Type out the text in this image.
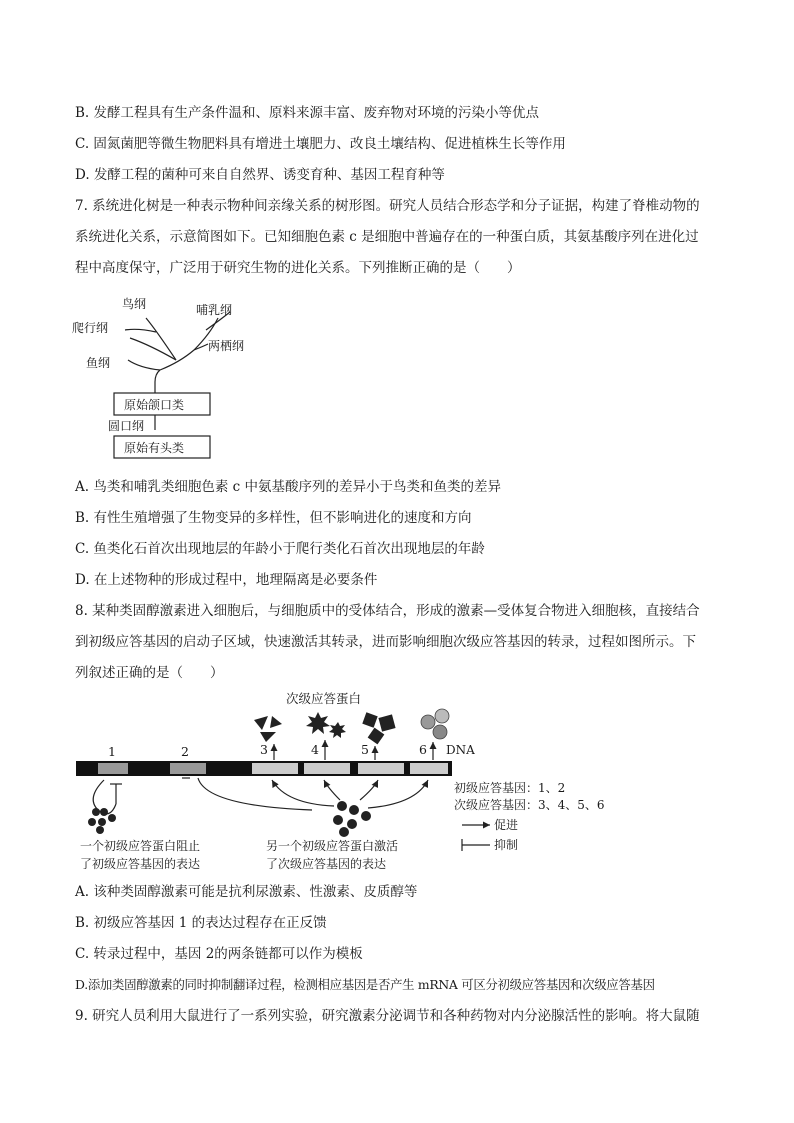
B. 发酵工程具有生产条件温和、原料来源丰富、废弃物对环境的污染小等优点
C. 固氮菌肥等微生物肥料具有增进土壤肥力、改良土壤结构、促进植株生长等作用
D. 发酵工程的菌种可来自自然界、诱变育种、基因工程育种等
7. 系统进化树是一种表示物种间亲缘关系的树形图。研究人员结合形态学和分子证据，构建了脊椎动物的
系统进化关系，示意简图如下。已知细胞色素 c 是细胞中普遍存在的一种蛋白质，其氨基酸序列在进化过
程中高度保守，广泛用于研究生物的进化关系。下列推断正确的是（　　）
鸟纲	哺乳纲
爬行纲
两栖纲
鱼纲
原始颌口类
圆口纲
原始有头类
A. 鸟类和哺乳类细胞色素 c 中氨基酸序列的差异小于鸟类和鱼类的差异
B. 有性生殖增强了生物变异的多样性，但不影响进化的速度和方向
C. 鱼类化石首次出现地层的年龄小于爬行类化石首次出现地层的年龄
D. 在上述物种的形成过程中，地理隔离是必要条件
8. 某种类固醇激素进入细胞后，与细胞质中的受体结合，形成的激素—受体复合物进入细胞核，直接结合
到初级应答基因的启动子区域，快速激活其转录，进而影响细胞次级应答基因的转录，过程如图所示。下
列叙述正确的是（　　）
次级应答蛋白
1	2	3	4	5	6 DNA
初级应答基因：1、2
次级应答基因：3、4、5、6
促进
抑制
一个初级应答蛋白阻止
了初级应答基因的表达
另一个初级应答蛋白激活
了次级应答基因的表达
A. 该种类固醇激素可能是抗利尿激素、性激素、皮质醇等
B. 初级应答基因 1 的表达过程存在正反馈
C. 转录过程中，基因 2的两条链都可以作为模板
D.添加类固醇激素的同时抑制翻译过程，检测相应基因是否产生 mRNA 可区分初级应答基因和次级应答基因
9. 研究人员利用大鼠进行了一系列实验，研究激素分泌调节和各种药物对内分泌腺活性的影响。将大鼠随
